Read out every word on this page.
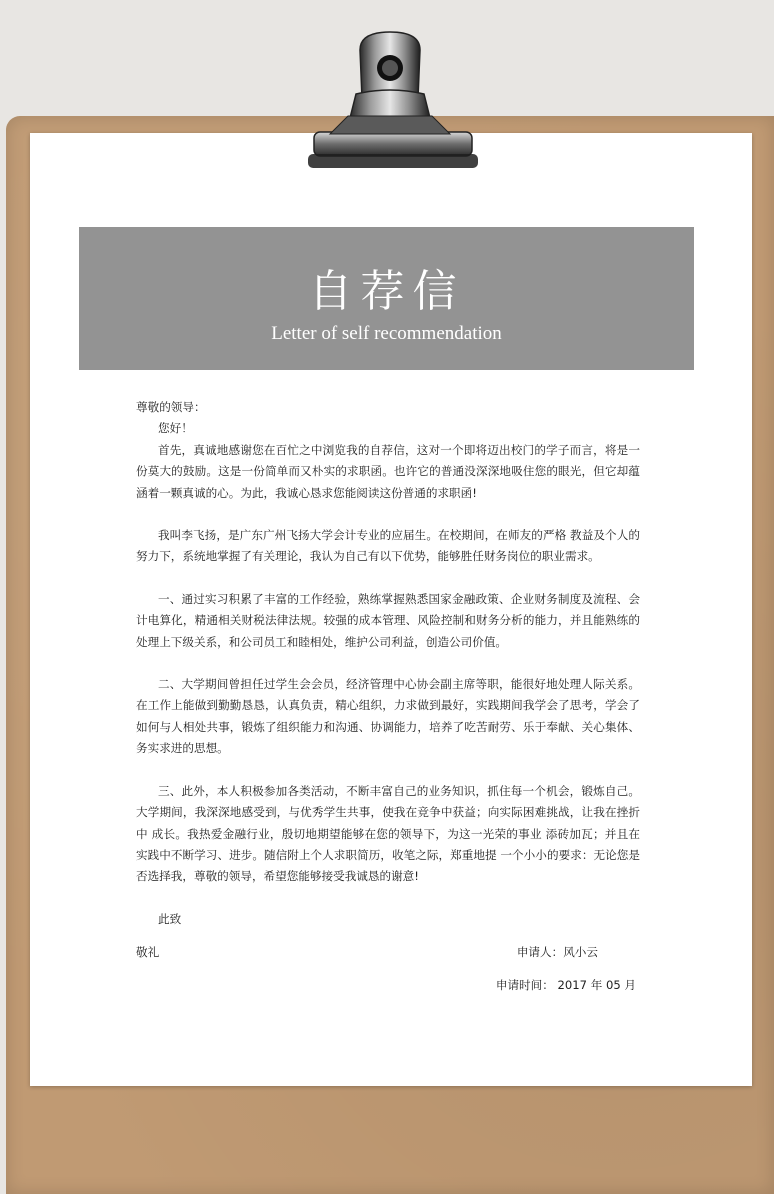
自荐信
Letter of self recommendation

尊敬的领导：

您好！

首先，真诚地感谢您在百忙之中浏览我的自荐信，这对一个即将迈出校门的学子而言，将是一份莫大的鼓励。这是一份简单而又朴实的求职函。也许它的普通没深深地吸住您的眼光，但它却蕴涵着一颗真诚的心。为此，我诚心恳求您能阅读这份普通的求职函!

我叫李飞扬，是广东广州飞扬大学会计专业的应届生。在校期间，在师友的严格 教益及个人的努力下，系统地掌握了有关理论，我认为自己有以下优势，能够胜任财务岗位的职业需求。

一、通过实习积累了丰富的工作经验，熟练掌握熟悉国家金融政策、企业财务制度及流程、会计电算化，精通相关财税法律法规。较强的成本管理、风险控制和财务分析的能力，并且能熟练的处理上下级关系，和公司员工和睦相处，维护公司利益，创造公司价值。

二、大学期间曾担任过学生会会员，经济管理中心协会副主席等职，能很好地处理人际关系。在工作上能做到勤勤恳恳，认真负责，精心组织，力求做到最好，实践期间我学会了思考，学会了如何与人相处共事，锻炼了组织能力和沟通、协调能力，培养了吃苦耐劳、乐于奉献、关心集体、务实求进的思想。

三、此外，本人积极参加各类活动，不断丰富自己的业务知识，抓住每一个机会，锻炼自己。大学期间，我深深地感受到，与优秀学生共事，使我在竞争中获益；向实际困难挑战，让我在挫折中 成长。我热爱金融行业，殷切地期望能够在您的领导下，为这一光荣的事业 添砖加瓦；并且在实践中不断学习、进步。随信附上个人求职简历，收笔之际，郑重地提 一个小小的要求：无论您是否选择我，尊敬的领导，希望您能够接受我诚恳的谢意!

此致

敬礼	申请人：风小云
申请时间： 2017 年 05 月
